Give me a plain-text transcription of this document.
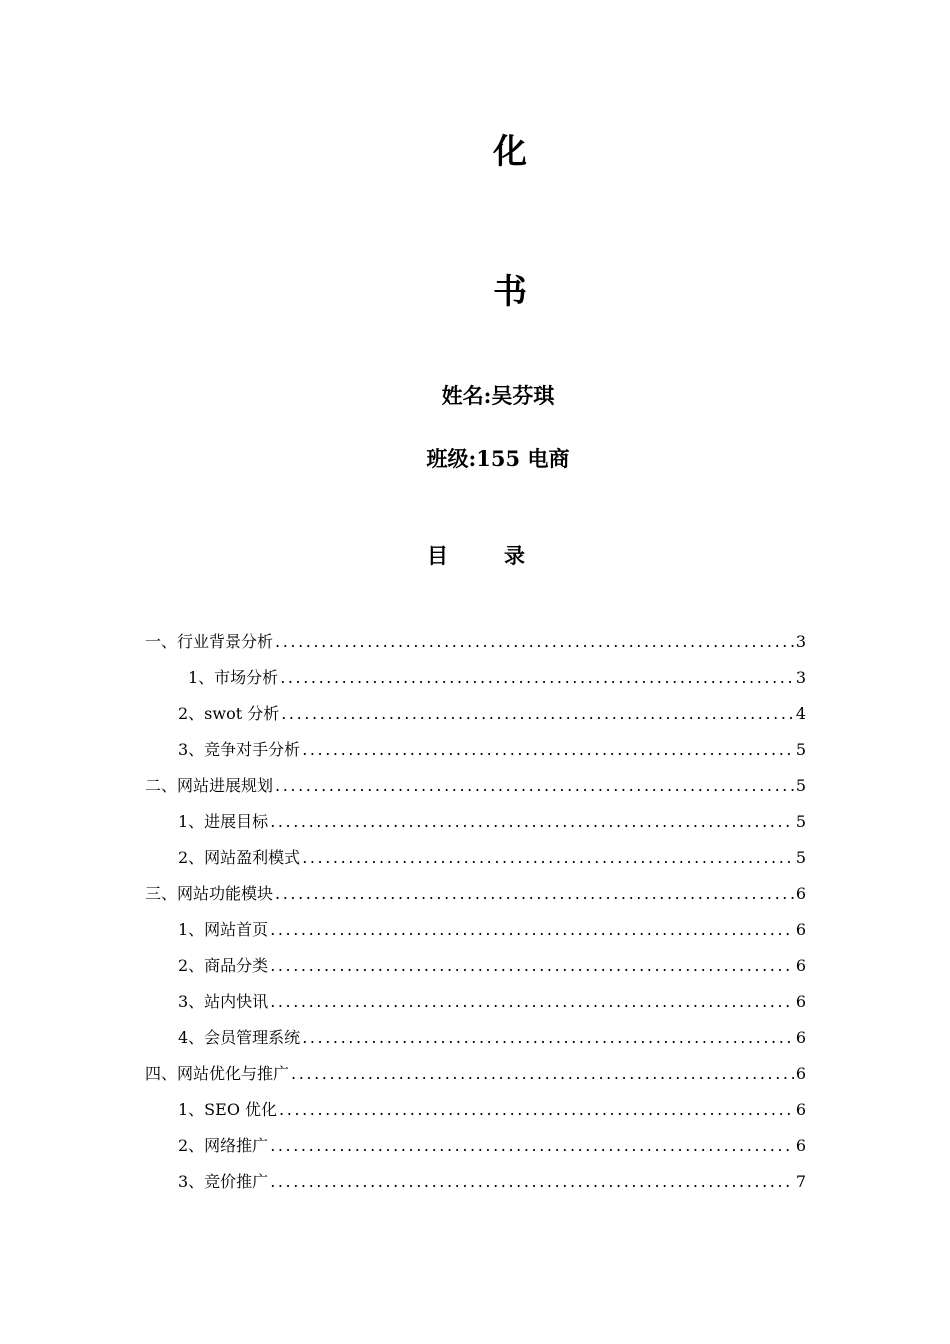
化
书
姓名:吴芬琪
班级:155 电商
目	录
一、行业背景分析 .....	3
1、市场分析 .....	3
2、swot 分析 .....	4
3、竞争对手分析 .....	5
二、网站进展规划 .....	5
1、进展目标 .....	5
2、网站盈利模式 .....	5
三、网站功能模块 .....	6
1、网站首页 .....	6
2、商品分类 .....	6
3、站内快讯 .....	6
4、会员管理系统 .....	6
四、网站优化与推广 .....	6
1、SEO 优化 .....	6
2、网络推广 .....	6
3、竞价推广 .....	7
